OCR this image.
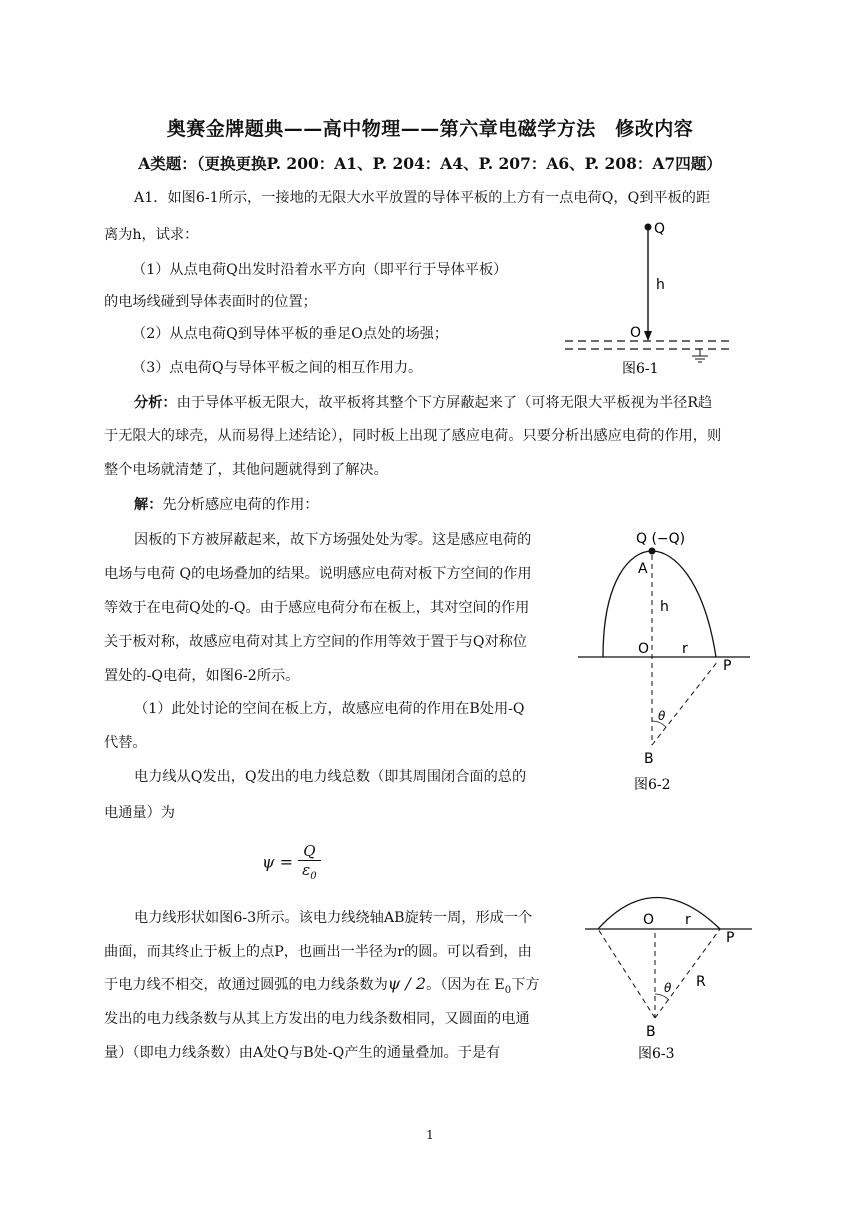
奥赛金牌题典——高中物理——第六章电磁学方法　修改内容
A类题：（更换更换P. 200：A1、P. 204：A4、P. 207：A6、P. 208：A7四题）
A1．如图6-1所示，一接地的无限大水平放置的导体平板的上方有一点电荷Q，Q到平板的距
离为h，试求：
（1）从点电荷Q出发时沿着水平方向（即平行于导体平板）
的电场线碰到导体表面时的位置；
（2）从点电荷Q到导体平板的垂足O点处的场强；
（3）点电荷Q与导体平板之间的相互作用力。
Q
h
O
图6-1
分析：由于导体平板无限大，故平板将其整个下方屏蔽起来了（可将无限大平板视为半径R趋
于无限大的球壳，从而易得上述结论），同时板上出现了感应电荷。只要分析出感应电荷的作用，则
整个电场就清楚了，其他问题就得到了解决。
解：先分析感应电荷的作用：
因板的下方被屏蔽起来，故下方场强处处为零。这是感应电荷的
电场与电荷 Q的电场叠加的结果。说明感应电荷对板下方空间的作用
等效于在电荷Q处的-Q。由于感应电荷分布在板上，其对空间的作用
关于板对称，故感应电荷对其上方空间的作用等效于置于与Q对称位
置处的-Q电荷，如图6-2所示。
（1）此处讨论的空间在板上方，故感应电荷的作用在B处用-Q
代替。
电力线从Q发出，Q发出的电力线总数（即其周围闭合面的总的
电通量）为
$\psi = \frac{Q}{\varepsilon_0}$
电力线形状如图6-3所示。该电力线绕轴AB旋转一周，形成一个
曲面，而其终止于板上的点P，也画出一半径为r的圆。可以看到，由
于电力线不相交，故通过圆弧的电力线条数为ψ / 2。（因为在 $E_0$下方
发出的电力线条数与从其上方发出的电力线条数相同，又圆面的电通
量）（即电力线条数）由A处Q与B处-Q产生的通量叠加。于是有
Q (−Q)
A
h
O r
P
θ
B
图6-2
O r
P
θ R
B
图6-3
1
